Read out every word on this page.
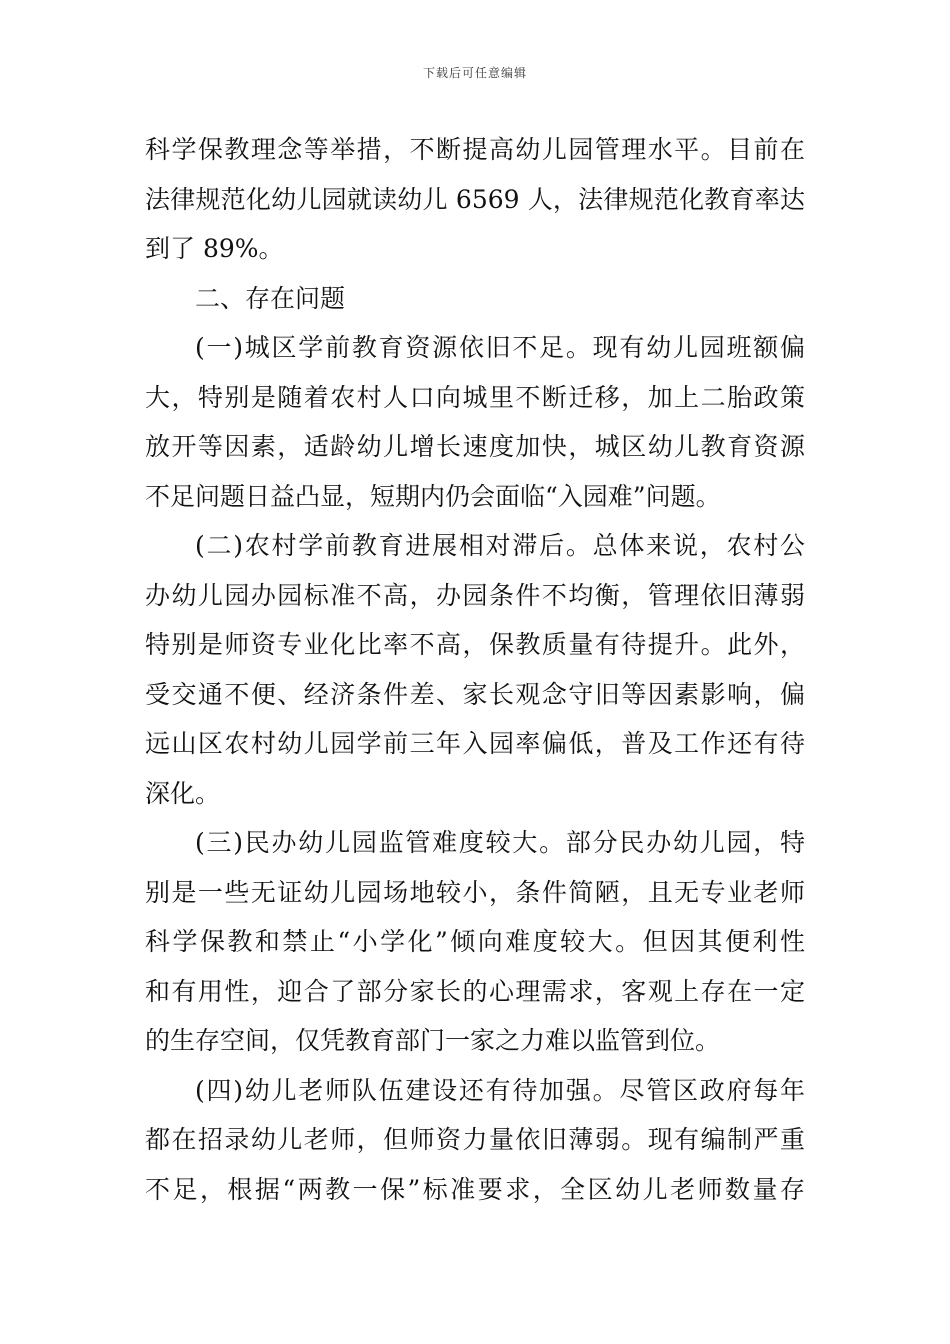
下载后可任意编辑
科学保教理念等举措，不断提高幼儿园管理水平。目前在
法律规范化幼儿园就读幼儿 6569 人，法律规范化教育率达
到了 89%。
二、存在问题
(一)城区学前教育资源依旧不足。现有幼儿园班额偏
大，特别是随着农村人口向城里不断迁移，加上二胎政策
放开等因素，适龄幼儿增长速度加快，城区幼儿教育资源
不足问题日益凸显，短期内仍会面临“入园难”问题。
(二)农村学前教育进展相对滞后。总体来说，农村公
办幼儿园办园标准不高，办园条件不均衡，管理依旧薄弱
特别是师资专业化比率不高，保教质量有待提升。此外，
受交通不便、经济条件差、家长观念守旧等因素影响，偏
远山区农村幼儿园学前三年入园率偏低，普及工作还有待
深化。
(三)民办幼儿园监管难度较大。部分民办幼儿园，特
别是一些无证幼儿园场地较小，条件简陋，且无专业老师
科学保教和禁止“小学化”倾向难度较大。但因其便利性
和有用性，迎合了部分家长的心理需求，客观上存在一定
的生存空间，仅凭教育部门一家之力难以监管到位。
(四)幼儿老师队伍建设还有待加强。尽管区政府每年
都在招录幼儿老师，但师资力量依旧薄弱。现有编制严重
不足，根据“两教一保”标准要求，全区幼儿老师数量存
